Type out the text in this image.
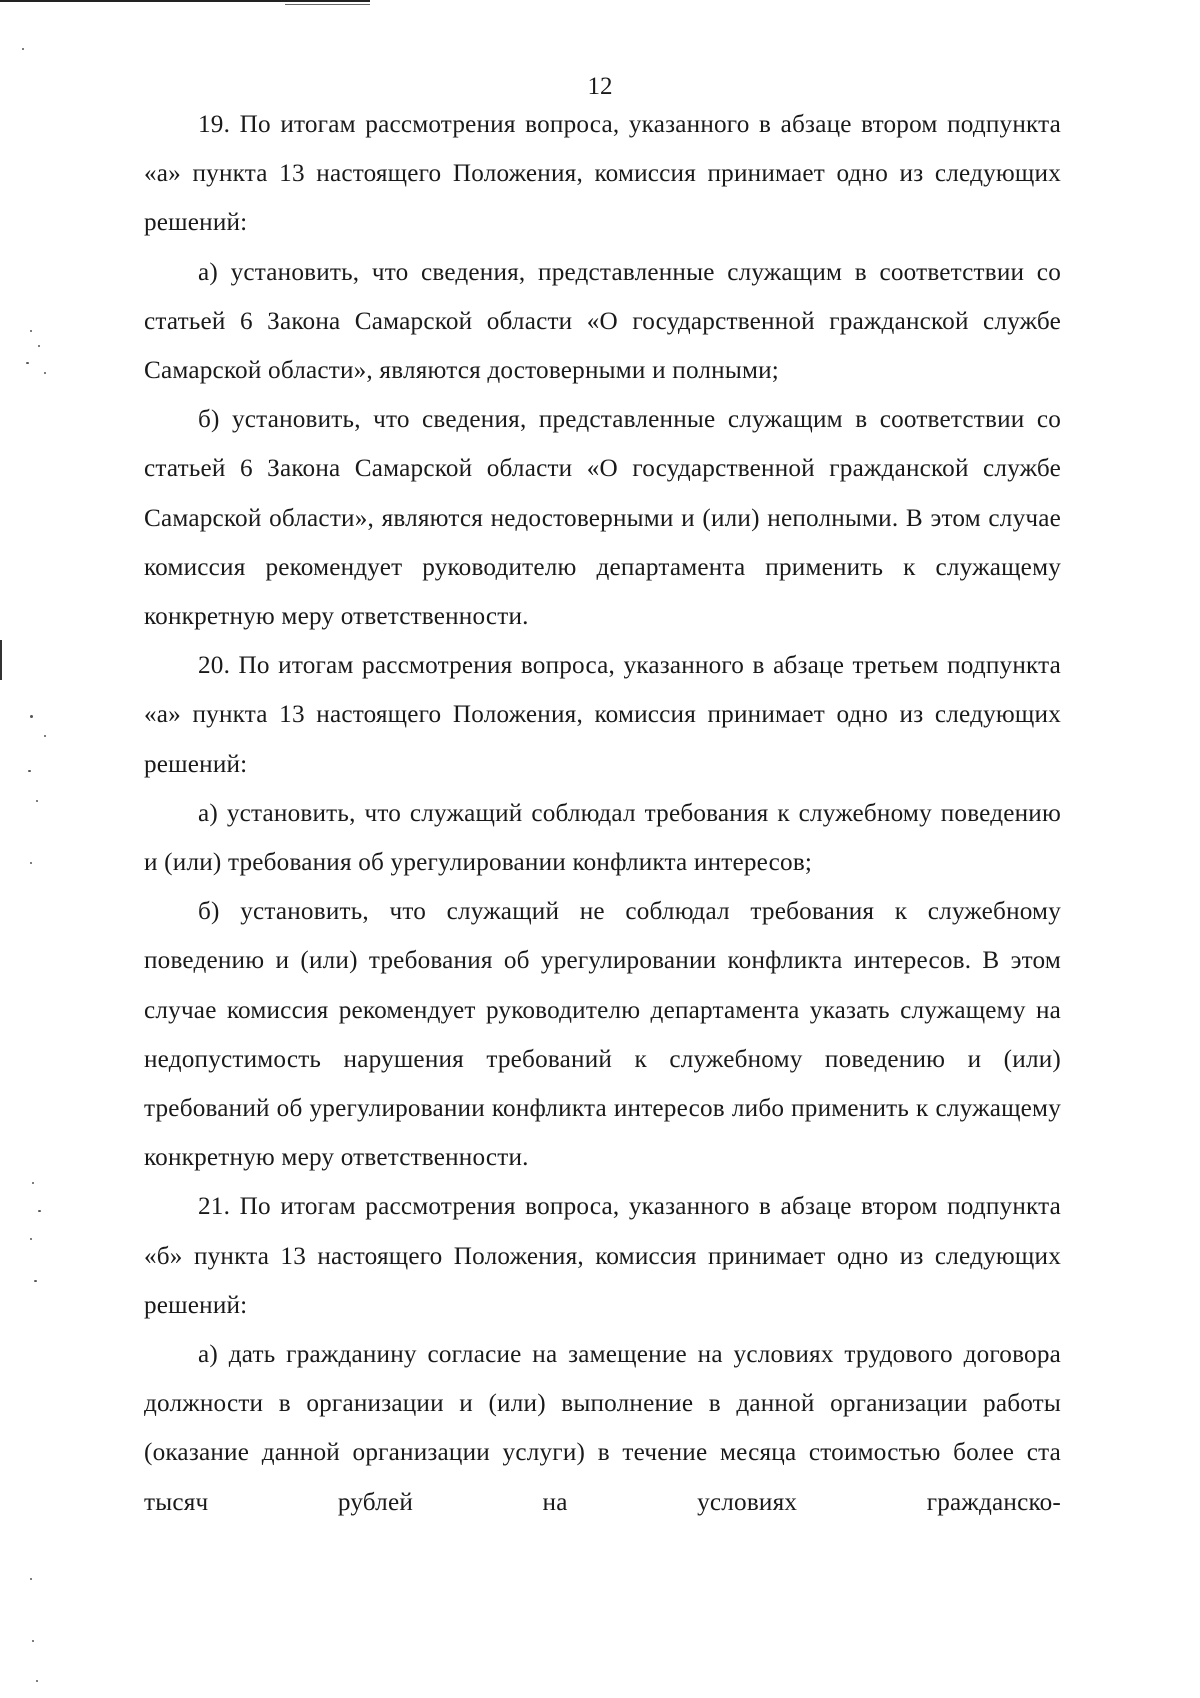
12

19. По итогам рассмотрения вопроса, указанного в абзаце втором подпункта «а» пункта 13 настоящего Положения, комиссия принимает одно из следующих решений:

а) установить, что сведения, представленные служащим в соответствии со статьей 6 Закона Самарской области «О государственной гражданской службе Самарской области», являются достоверными и полными;

б) установить, что сведения, представленные служащим в соответствии со статьей 6 Закона Самарской области «О государственной гражданской службе Самарской области», являются недостоверными и (или) неполными. В этом случае комиссия рекомендует руководителю департамента применить к служащему конкретную меру ответственности.

20. По итогам рассмотрения вопроса, указанного в абзаце третьем подпункта «а» пункта 13 настоящего Положения, комиссия принимает одно из следующих решений:

а) установить, что служащий соблюдал требования к служебному поведению и (или) требования об урегулировании конфликта интересов;

б) установить, что служащий не соблюдал требования к служебному поведению и (или) требования об урегулировании конфликта интересов. В этом случае комиссия рекомендует руководителю департамента указать служащему на недопустимость нарушения требований к служебному поведению и (или) требований об урегулировании конфликта интересов либо применить к служащему конкретную меру ответственности.

21. По итогам рассмотрения вопроса, указанного в абзаце втором подпункта «б» пункта 13 настоящего Положения, комиссия принимает одно из следующих решений:

а) дать гражданину согласие на замещение на условиях трудового договора должности в организации и (или) выполнение в данной организации работы (оказание данной организации услуги) в течение месяца стоимостью более ста тысяч рублей на условиях гражданско-
